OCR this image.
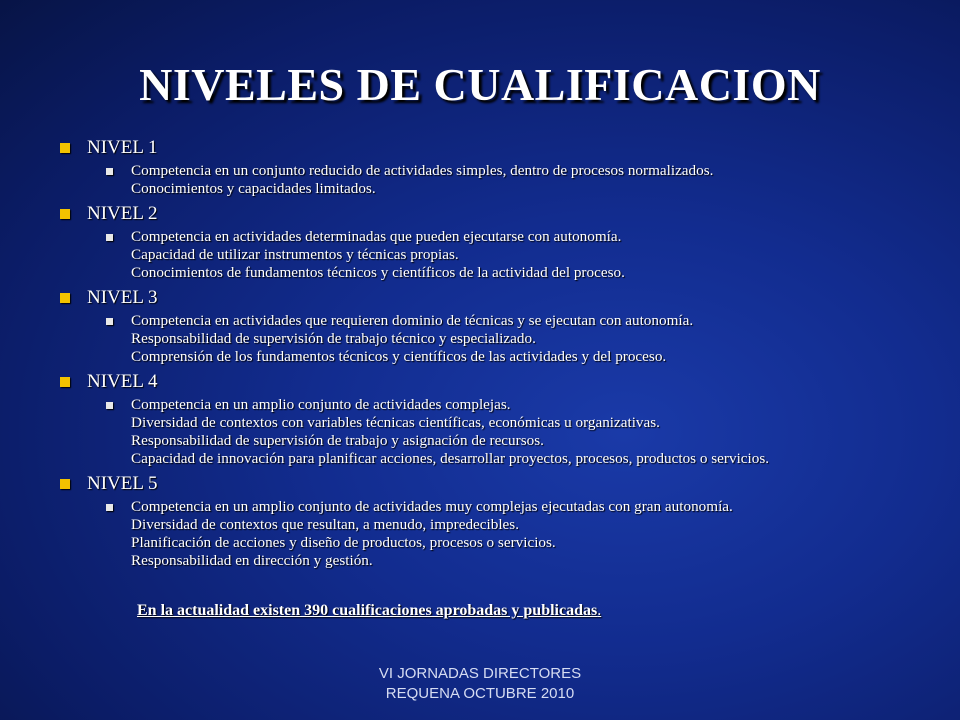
NIVELES DE CUALIFICACION
NIVEL 1
Competencia en un conjunto reducido de actividades simples, dentro de procesos normalizados.
Conocimientos y capacidades limitados.
NIVEL 2
Competencia en actividades determinadas que pueden ejecutarse con autonomía.
Capacidad de utilizar instrumentos y técnicas propias.
Conocimientos de fundamentos técnicos y científicos de la actividad del proceso.
NIVEL 3
Competencia en actividades que requieren dominio de técnicas y se ejecutan con autonomía.
Responsabilidad de supervisión de trabajo técnico y especializado.
Comprensión de los fundamentos técnicos y científicos de las actividades y del proceso.
NIVEL 4
Competencia en un amplio conjunto de actividades complejas.
Diversidad de contextos con variables técnicas científicas, económicas u organizativas.
Responsabilidad de supervisión de trabajo y asignación de recursos.
Capacidad de innovación para planificar acciones, desarrollar proyectos, procesos, productos o servicios.
NIVEL 5
Competencia en un amplio conjunto de actividades muy complejas ejecutadas con gran autonomía.
Diversidad de contextos que resultan, a menudo, impredecibles.
Planificación de acciones y diseño de productos, procesos o servicios.
Responsabilidad en dirección y gestión.
En la actualidad existen 390 cualificaciones aprobadas y publicadas.
VI JORNADAS DIRECTORES
REQUENA OCTUBRE 2010
